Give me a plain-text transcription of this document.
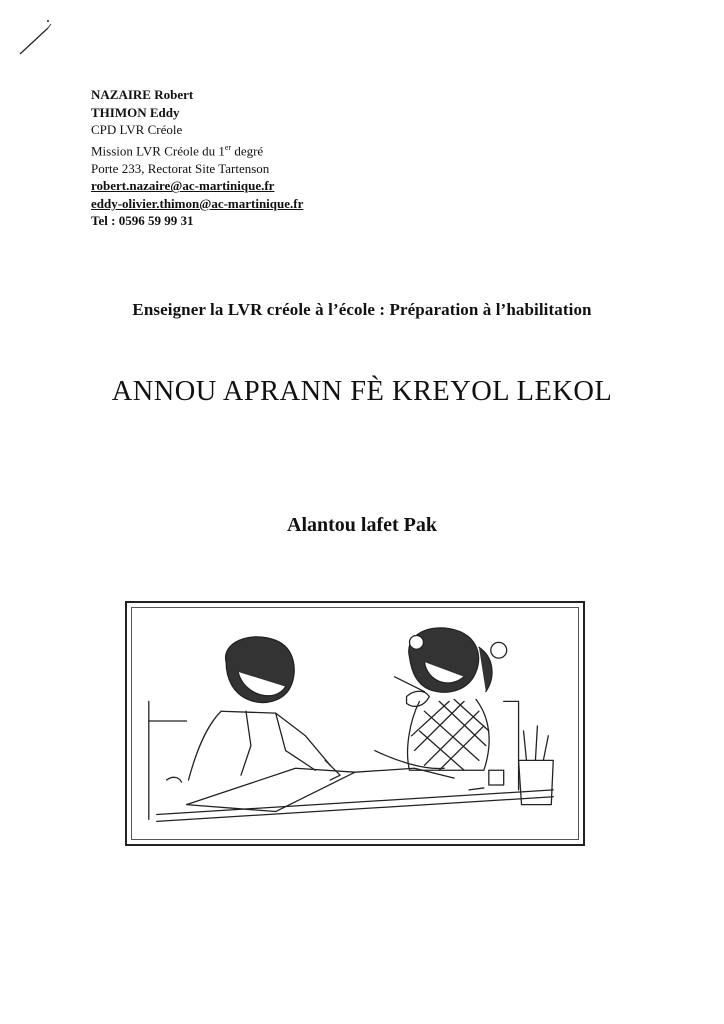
NAZAIRE Robert
THIMON Eddy
CPD LVR Créole
Mission LVR Créole du 1er degré
Porte 233, Rectorat Site Tartenson
robert.nazaire@ac-martinique.fr
eddy-olivier.thimon@ac-martinique.fr
Tel : 0596 59 99 31
Enseigner la LVR créole à l’école : Préparation à l’habilitation
ANNOU APRANN FÈ KREYOL LEKOL
Alantou lafet Pak
